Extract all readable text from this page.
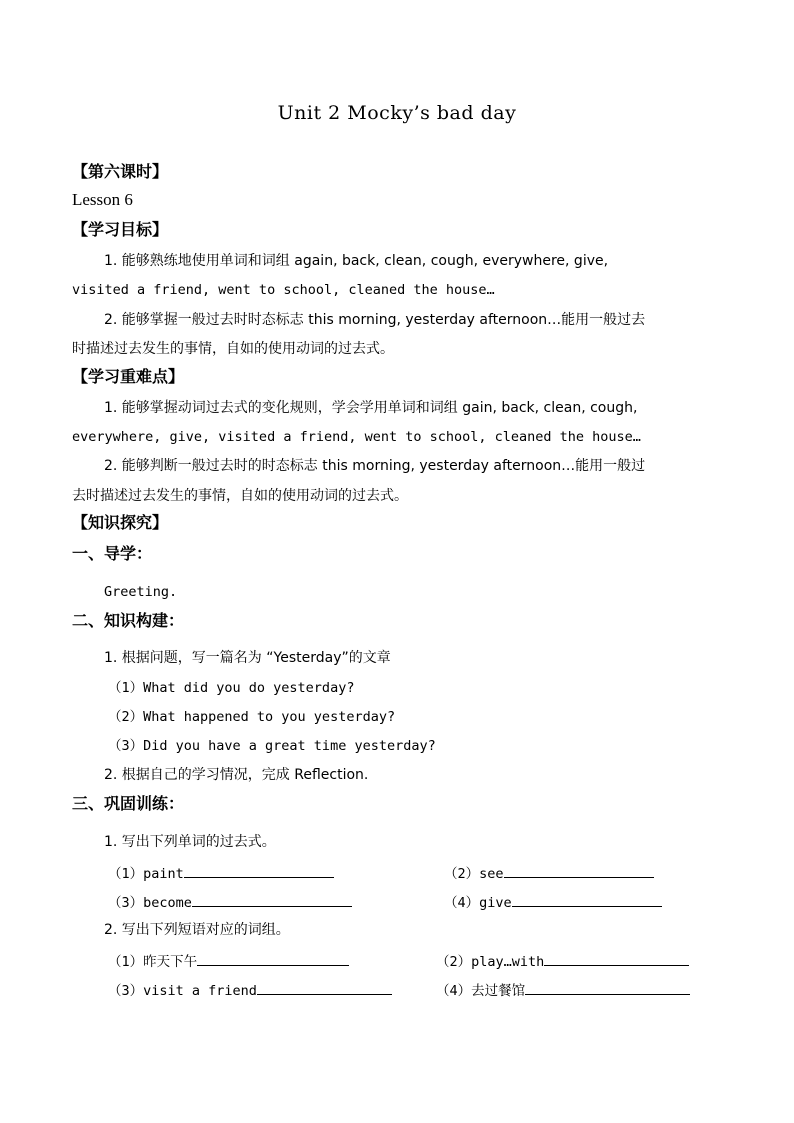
Unit 2 Mocky’s bad day
【第六课时】
Lesson 6
【学习目标】
1. 能够熟练地使用单词和词组 again, back, clean, cough, everywhere, give,
visited a friend, went to school, cleaned the house…
2. 能够掌握一般过去时时态标志 this morning, yesterday afternoon…能用一般过去
时描述过去发生的事情，自如的使用动词的过去式。
【学习重难点】
1. 能够掌握动词过去式的变化规则，学会学用单词和词组 gain, back, clean, cough,
everywhere, give, visited a friend, went to school, cleaned the house…
2. 能够判断一般过去时的时态标志 this morning, yesterday afternoon…能用一般过
去时描述过去发生的事情，自如的使用动词的过去式。
【知识探究】
一、导学：
Greeting.
二、知识构建：
1. 根据问题，写一篇名为 “Yesterday”的文章
（1）What did you do yesterday?
（2）What happened to you yesterday?
（3）Did you have a great time yesterday?
2. 根据自己的学习情况，完成 Reflection.
三、巩固训练：
1. 写出下列单词的过去式。
（1）paint	（2）see
（3）become	（4）give
2. 写出下列短语对应的词组。
（1）昨天下午	（2）play…with
（3）visit a friend	（4）去过餐馆
